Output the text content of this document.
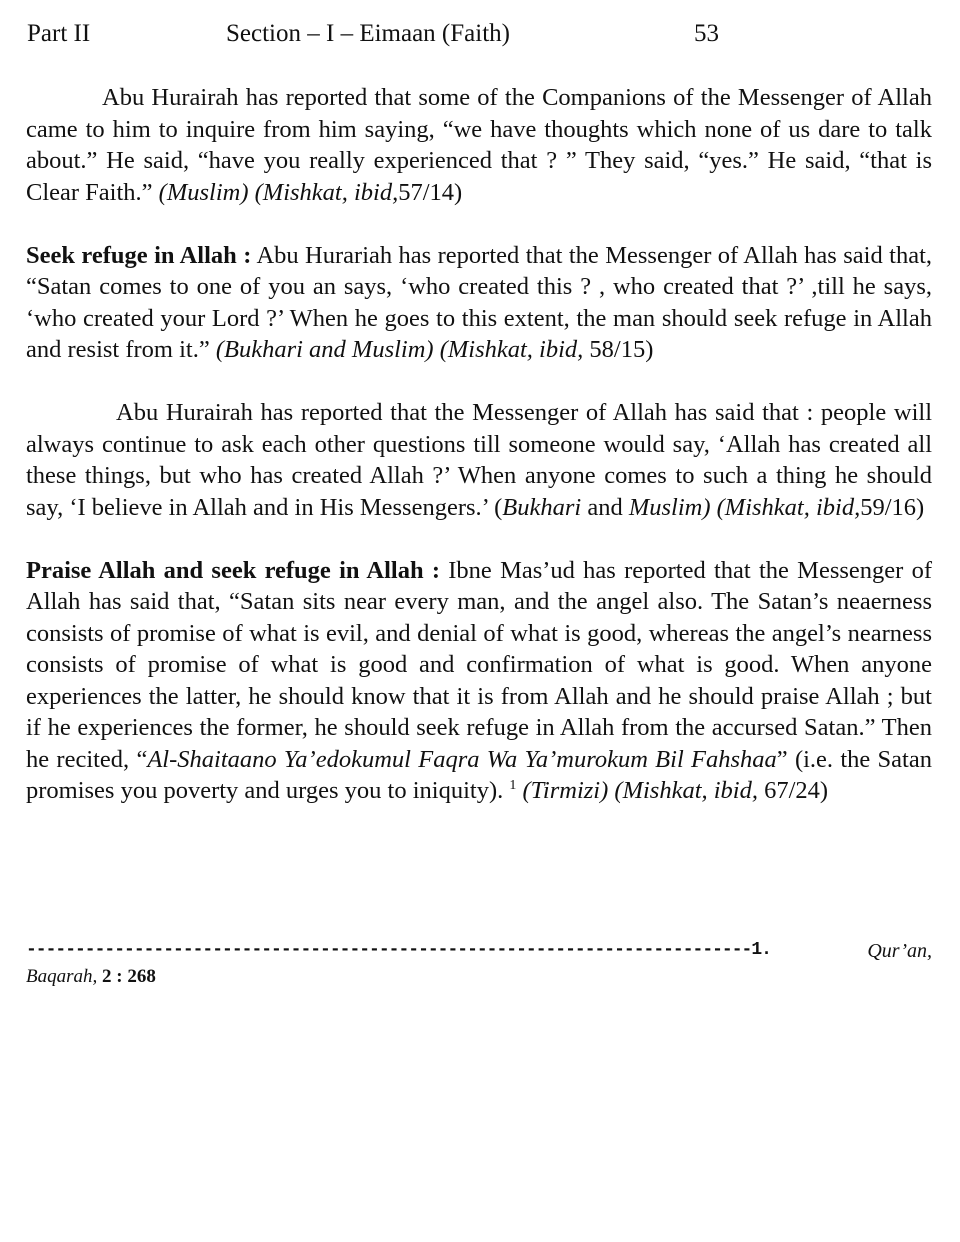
Part II	Section – I – Eimaan (Faith)	53

Abu Hurairah has reported that some of the Companions of the Messenger of Allah came to him to inquire from him saying, “we have thoughts which none of us dare to talk about.” He said, “have you really experienced that ? ” They said, “yes.” He said, “that is Clear Faith.” (Muslim) (Mishkat, ibid,57/14)

Seek refuge in Allah : Abu Hurariah has reported that the Messenger of Allah has said that, “Satan comes to one of you an says, ‘who created this ? , who created that ?’ ,till he says, ‘who created your Lord ?’ When he goes to this extent, the man should seek refuge in Allah and resist from it.” (Bukhari and Muslim) (Mishkat, ibid, 58/15)

Abu Hurairah has reported that the Messenger of Allah has said that : people will always continue to ask each other questions till someone would say, ‘Allah has created all these things, but who has created Allah ?’ When anyone comes to such a thing he should say, ‘I believe in Allah and in His Messengers.’ (Bukhari and Muslim) (Mishkat, ibid,59/16)

Praise Allah and seek refuge in Allah : Ibne Mas’ud has reported that the Messenger of Allah has said that, “Satan sits near every man, and the angel also. The Satan’s neaerness consists of promise of what is evil, and denial of what is good, whereas the angel’s nearness consists of promise of what is good and confirmation of what is good. When anyone experiences the latter, he should know that it is from Allah and he should praise Allah ; but if he experiences the former, he should seek refuge in Allah from the accursed Satan.” Then he recited, “Al-Shaitaano Ya’edokumul Faqra Wa Ya’murokum Bil Fahshaa” (i.e. the Satan promises you poverty and urges you to iniquity). $^1$ (Tirmizi) (Mishkat, ibid, 67/24)

--------------------------------------------------------------------------1.	Qur’an,
Baqarah, 2 : 268
